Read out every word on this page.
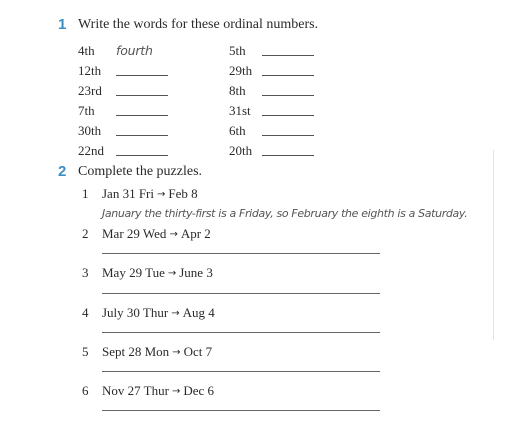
1 Write the words for these ordinal numbers.
4th fourth	5th
12th	29th
23rd	8th
7th	31st
30th	6th
22nd	20th
2 Complete the puzzles.
1 Jan 31 Fri → Feb 8
January the thirty-first is a Friday, so February the eighth is a Saturday.
2 Mar 29 Wed → Apr 2
3 May 29 Tue → June 3
4 July 30 Thur → Aug 4
5 Sept 28 Mon → Oct 7
6 Nov 27 Thur → Dec 6
